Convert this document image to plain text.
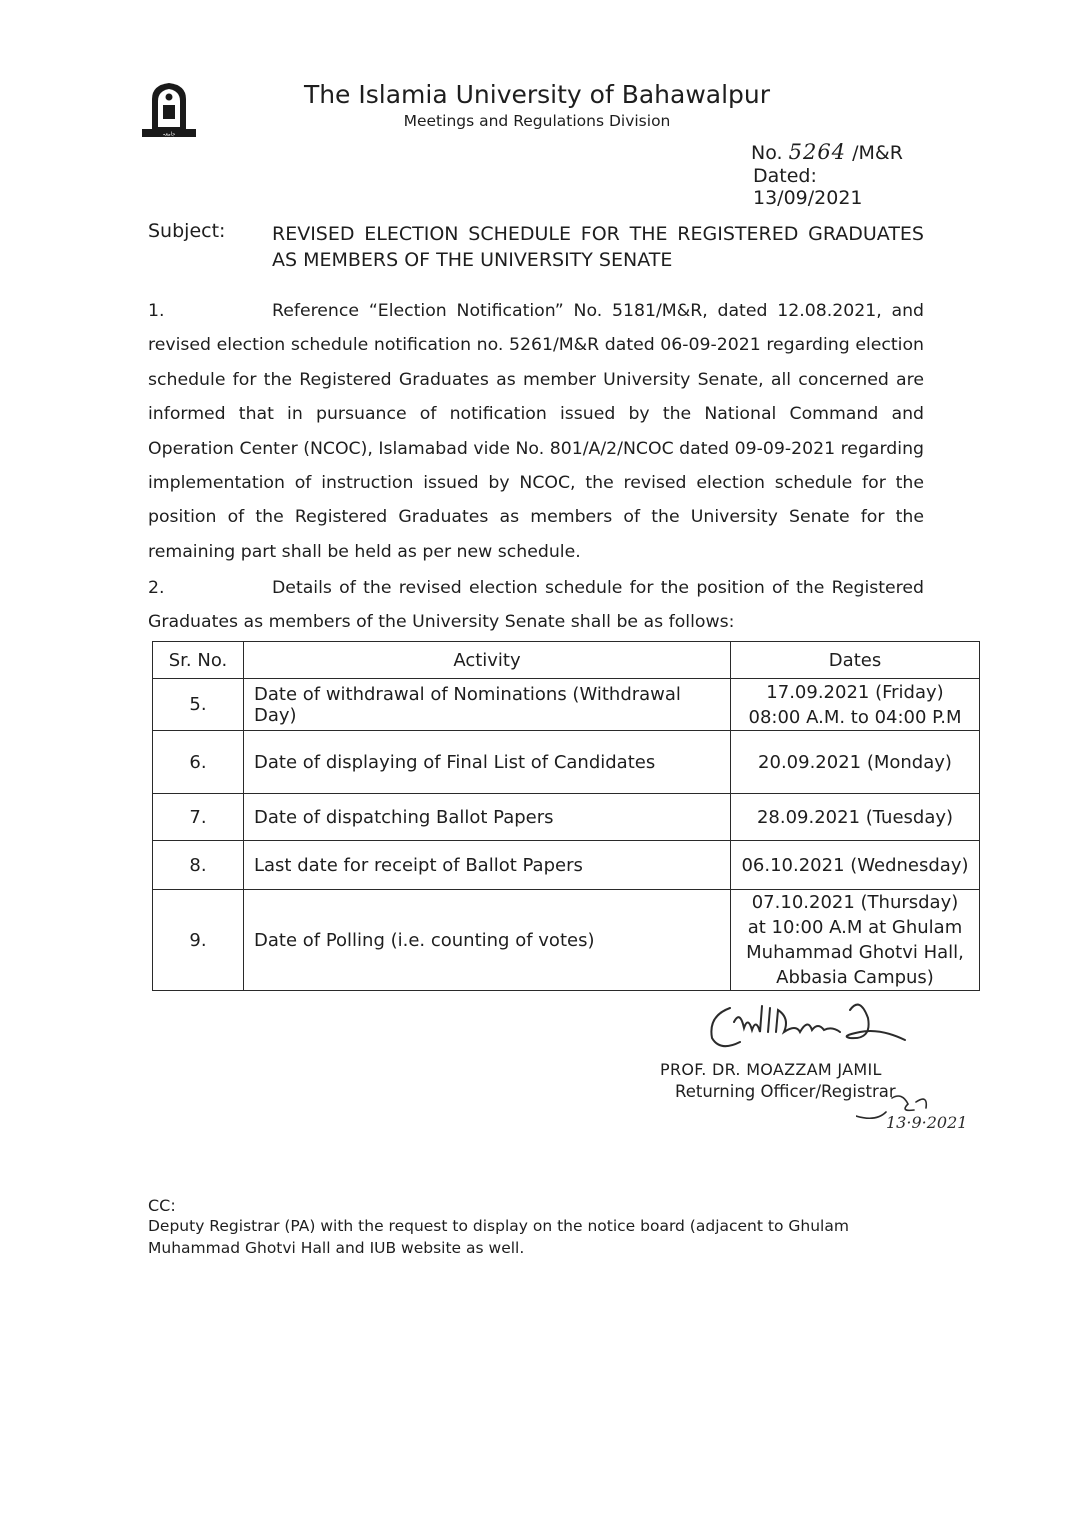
جامعہ
The Islamia University of Bahawalpur
Meetings and Regulations Division
No. 5264 /M&R
Dated: 13/09/2021
Subject: REVISED ELECTION SCHEDULE FOR THE REGISTERED GRADUATES AS MEMBERS OF THE UNIVERSITY SENATE
1.	Reference “Election Notification” No. 5181/M&R, dated 12.08.2021, and revised election schedule notification no. 5261/M&R dated 06-09-2021 regarding election schedule for the Registered Graduates as member University Senate, all concerned are informed that in pursuance of notification issued by the National Command and Operation Center (NCOC), Islamabad vide No. 801/A/2/NCOC dated 09-09-2021 regarding implementation of instruction issued by NCOC, the revised election schedule for the position of the Registered Graduates as members of the University Senate for the remaining part shall be held as per new schedule.
2.	Details of the revised election schedule for the position of the Registered Graduates as members of the University Senate shall be as follows:
Sr. No.	Activity	Dates
5.	Date of withdrawal of Nominations (Withdrawal Day)	17.09.2021 (Friday)
08:00 A.M. to 04:00 P.M

6.	Date of displaying of Final List of Candidates	20.09.2021 (Monday)

7.	Date of dispatching Ballot Papers	28.09.2021 (Tuesday)

8.	Last date for receipt of Ballot Papers	06.10.2021 (Wednesday)

9.	Date of Polling (i.e. counting of votes)	07.10.2021 (Thursday)
at 10:00 A.M at Ghulam
Muhammad Ghotvi Hall,
Abbasia Campus)
PROF. DR. MOAZZAM JAMIL
Returning Officer/Registrar
13·9·2021
CC:
Deputy Registrar (PA) with the request to display on the notice board (adjacent to Ghulam Muhammad Ghotvi Hall and IUB website as well.
